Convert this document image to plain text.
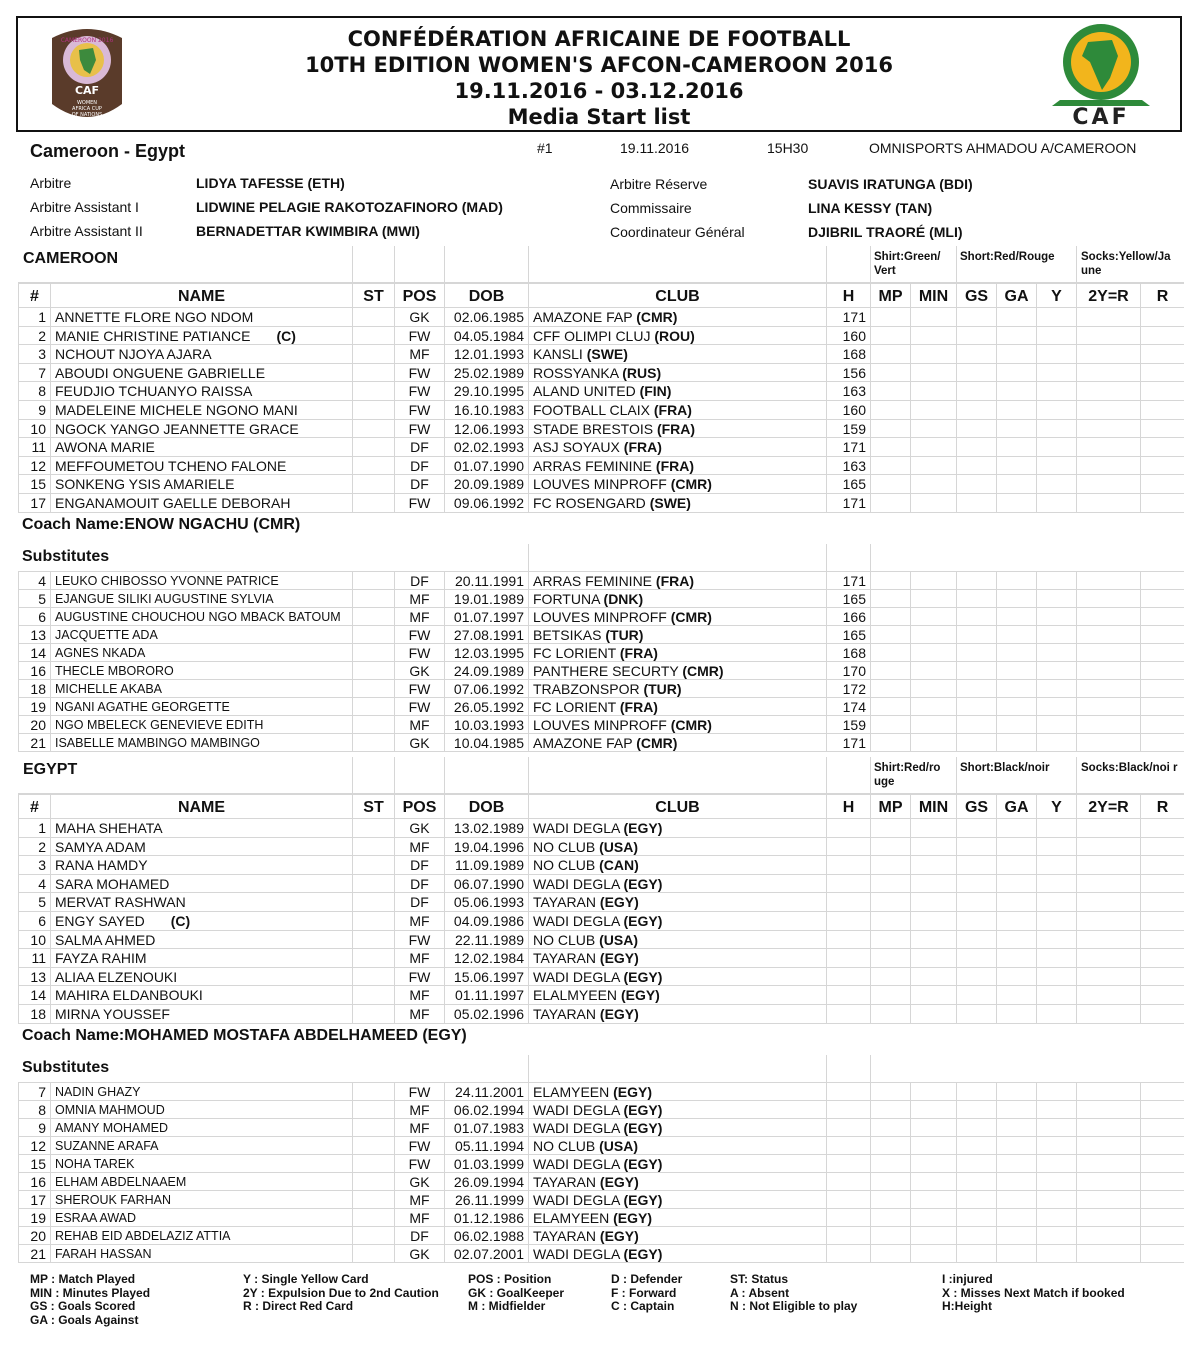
CAF
WOMEN
AFRICA CUP
OF NATIONS
CAMEROON 2016	CONFÉDÉRATION AFRICAINE DE FOOTBALL
10TH EDITION WOMEN'S AFCON-CAMEROON 2016
19.11.2016 - 03.12.2016
Media Start list	CAF
Cameroon - Egypt	#1	19.11.2016	15H30	OMNISPORTS AHMADOU A/CAMEROON
Arbitre	LIDYA TAFESSE (ETH)
Arbitre Assistant I	LIDWINE PELAGIE RAKOTOZAFINORO (MAD)
Arbitre Assistant II	BERNADETTAR KWIMBIRA (MWI)
Arbitre Réserve	SUAVIS IRATUNGA (BDI)
Commissaire	LINA KESSY (TAN)
Coordinateur Général	DJIBRIL TRAORÉ (MLI)
CAMEROON	Shirt:Green/ Vert
Short:Red/Rouge Socks:Yellow/Ja une
#	NAME	ST	POS	DOB	CLUB	H	MP	MIN	GS	GA	Y	2Y=R	R
1 ANNETTE FLORE NGO NDOM	GK	02.06.1985 AMAZONE FAP (CMR)	171
2 MANIE CHRISTINE PATIANCE (C)	FW	04.05.1984 CFF OLIMPI CLUJ (ROU)	160
3 NCHOUT NJOYA AJARA	MF	12.01.1993 KANSLI (SWE)	168
7 ABOUDI ONGUENE GABRIELLE	FW	25.02.1989 ROSSYANKA (RUS)	156
8 FEUDJIO TCHUANYO RAISSA	FW	29.10.1995 ALAND UNITED (FIN)	163
9 MADELEINE MICHELE NGONO MANI	FW	16.10.1983 FOOTBALL CLAIX (FRA)	160
10 NGOCK YANGO JEANNETTE GRACE	FW	12.06.1993 STADE BRESTOIS (FRA)	159
11 AWONA MARIE	DF	02.02.1993 ASJ SOYAUX (FRA)	171
12 MEFFOUMETOU TCHENO FALONE	DF	01.07.1990 ARRAS FEMININE (FRA)	163
15 SONKENG YSIS AMARIELE	DF	20.09.1989 LOUVES MINPROFF (CMR)	165
17 ENGANAMOUIT GAELLE DEBORAH	FW	09.06.1992 FC ROSENGARD (SWE)	171
Coach Name:ENOW NGACHU (CMR)
Substitutes
4 LEUKO CHIBOSSO YVONNE PATRICE	DF	20.11.1991 ARRAS FEMININE (FRA)	171
5 EJANGUE SILIKI AUGUSTINE SYLVIA	MF	19.01.1989 FORTUNA (DNK)	165
6 AUGUSTINE CHOUCHOU NGO MBACK BATOUM	MF	01.07.1997 LOUVES MINPROFF (CMR)	166
13 JACQUETTE ADA	FW	27.08.1991 BETSIKAS (TUR)	165
14 AGNES NKADA	FW	12.03.1995 FC LORIENT (FRA)	168
16 THECLE MBORORO	GK	24.09.1989 PANTHERE SECURTY (CMR)	170
18 MICHELLE AKABA	FW	07.06.1992 TRABZONSPOR (TUR)	172
19 NGANI AGATHE GEORGETTE	FW	26.05.1992 FC LORIENT (FRA)	174
20 NGO MBELECK GENEVIEVE EDITH	MF	10.03.1993 LOUVES MINPROFF (CMR)	159
21 ISABELLE MAMBINGO MAMBINGO	GK	10.04.1985 AMAZONE FAP (CMR)	171
EGYPT	Shirt:Red/ro uge
Short:Black/noir	Socks:Black/noi r
#	NAME	ST	POS	DOB	CLUB	H	MP	MIN	GS	GA	Y	2Y=R	R
1 MAHA SHEHATA	GK	13.02.1989 WADI DEGLA (EGY)
2 SAMYA ADAM	MF	19.04.1996 NO CLUB (USA)
3 RANA HAMDY	DF	11.09.1989 NO CLUB (CAN)
4 SARA MOHAMED	DF	06.07.1990 WADI DEGLA (EGY)
5 MERVAT RASHWAN	DF	05.06.1993 TAYARAN (EGY)
6 ENGY SAYED (C)	MF	04.09.1986 WADI DEGLA (EGY)
10 SALMA AHMED	FW	22.11.1989 NO CLUB (USA)
11 FAYZA RAHIM	MF	12.02.1984 TAYARAN (EGY)
13 ALIAA ELZENOUKI	FW	15.06.1997 WADI DEGLA (EGY)
14 MAHIRA ELDANBOUKI	MF	01.11.1997 ELALMYEEN (EGY)
18 MIRNA YOUSSEF	MF	05.02.1996 TAYARAN (EGY)
Coach Name:MOHAMED MOSTAFA ABDELHAMEED (EGY)
Substitutes
7 NADIN GHAZY	FW	24.11.2001 ELAMYEEN (EGY)
8 OMNIA MAHMOUD	MF	06.02.1994 WADI DEGLA (EGY)
9 AMANY MOHAMED	MF	01.07.1983 WADI DEGLA (EGY)
12 SUZANNE ARAFA	FW	05.11.1994 NO CLUB (USA)
15 NOHA TAREK	FW	01.03.1999 WADI DEGLA (EGY)
16 ELHAM ABDELNAAEM	GK	26.09.1994 TAYARAN (EGY)
17 SHEROUK FARHAN	MF	26.11.1999 WADI DEGLA (EGY)
19 ESRAA AWAD	MF	01.12.1986 ELAMYEEN (EGY)
20 REHAB EID ABDELAZIZ ATTIA	DF	06.02.1988 TAYARAN (EGY)
21 FARAH HASSAN	GK	02.07.2001 WADI DEGLA (EGY)
MP : Match Played
MIN : Minutes Played
GS : Goals Scored
GA : Goals Against
Y : Single Yellow Card
2Y : Expulsion Due to 2nd Caution
R : Direct Red Card
POS : Position
GK : GoalKeeper
M : Midfielder
D : Defender
F : Forward
C : Captain
ST: Status
A : Absent
N : Not Eligible to play
I :injured
X : Misses Next Match if booked
H:Height
